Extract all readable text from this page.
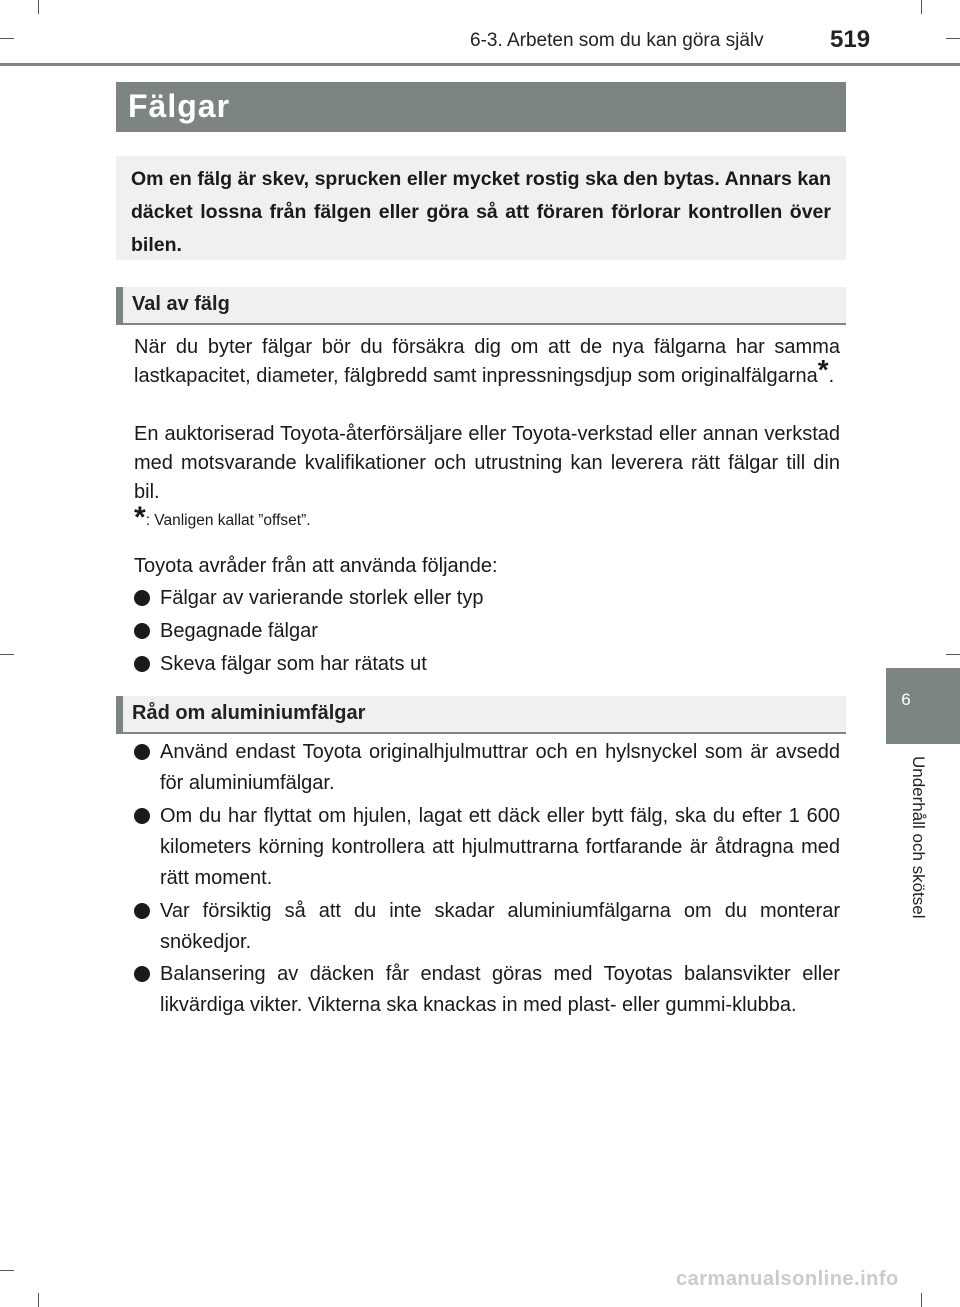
6-3. Arbeten som du kan göra själv	519
Fälgar

Om en fälg är skev, sprucken eller mycket rostig ska den bytas. Annars kan däcket lossna från fälgen eller göra så att föraren förlorar kontrollen över bilen.

Val av fälg

När du byter fälgar bör du försäkra dig om att de nya fälgarna har samma lastkapacitet, diameter, fälgbredd samt inpressningsdjup som originalfälgarna*.

En auktoriserad Toyota-återförsäljare eller Toyota-verkstad eller annan verkstad med motsvarande kvalifikationer och utrustning kan leverera rätt fälgar till din bil.

*: Vanligen kallat ”offset”.

Toyota avråder från att använda följande:

Fälgar av varierande storlek eller typ

Begagnade fälgar

Skeva fälgar som har rätats ut

Råd om aluminiumfälgar

Använd endast Toyota originalhjulmuttrar och en hylsnyckel som är avsedd för aluminiumfälgar.

Om du har flyttat om hjulen, lagat ett däck eller bytt fälg, ska du efter 1 600 kilometers körning kontrollera att hjulmuttrarna fortfarande är åtdragna med rätt moment.

Var försiktig så att du inte skadar aluminiumfälgarna om du monterar snökedjor.

Balansering av däcken får endast göras med Toyotas balansvikter eller likvärdiga vikter. Vikterna ska knackas in med plast- eller gummi-klubba.

6
Underhåll och skötsel
carmanualsonline.info
